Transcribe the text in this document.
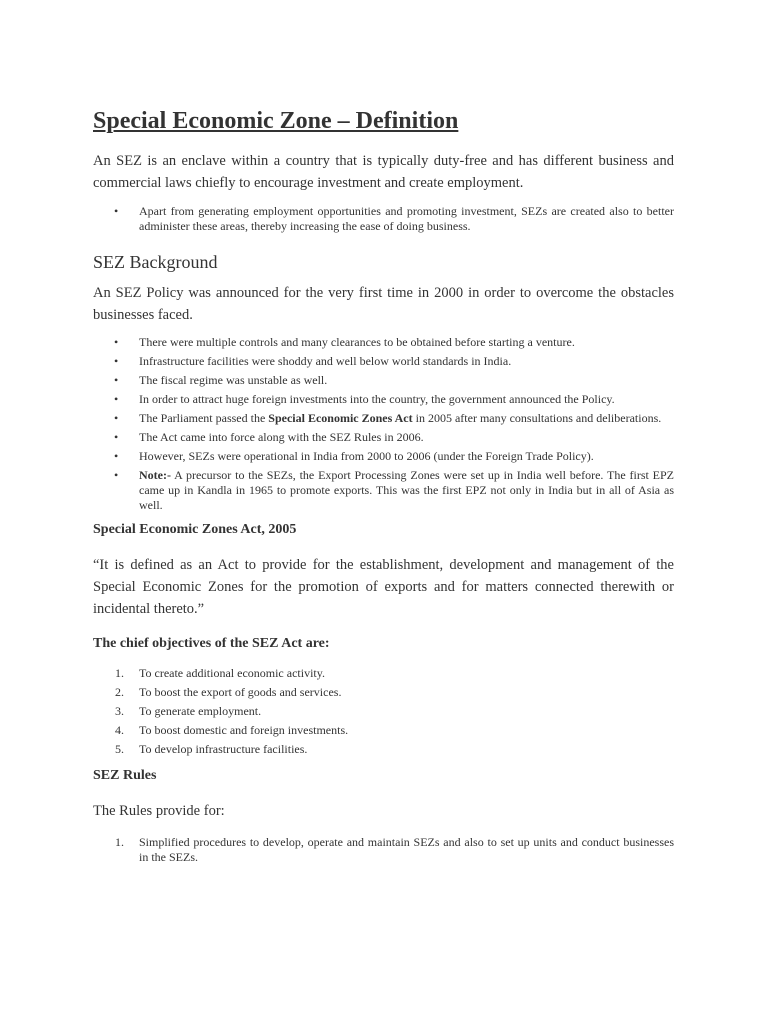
Special Economic Zone – Definition

An SEZ is an enclave within a country that is typically duty-free and has different business and commercial laws chiefly to encourage investment and create employment.

• Apart from generating employment opportunities and promoting investment, SEZs are created also to better administer these areas, thereby increasing the ease of doing business.
SEZ Background

An SEZ Policy was announced for the very first time in 2000 in order to overcome the obstacles businesses faced.

• There were multiple controls and many clearances to be obtained before starting a venture.
• Infrastructure facilities were shoddy and well below world standards in India.
• The fiscal regime was unstable as well.
• In order to attract huge foreign investments into the country, the government announced the Policy.
• The Parliament passed the Special Economic Zones Act in 2005 after many consultations and deliberations.
• The Act came into force along with the SEZ Rules in 2006.
• However, SEZs were operational in India from 2000 to 2006 (under the Foreign Trade Policy).
• Note:- A precursor to the SEZs, the Export Processing Zones were set up in India well before. The first EPZ came up in Kandla in 1965 to promote exports. This was the first EPZ not only in India but in all of Asia as well.
Special Economic Zones Act, 2005

“It is defined as an Act to provide for the establishment, development and management of the Special Economic Zones for the promotion of exports and for matters connected therewith or incidental thereto.”

The chief objectives of the SEZ Act are:
1. To create additional economic activity.
2. To boost the export of goods and services.
3. To generate employment.
4. To boost domestic and foreign investments.
5. To develop infrastructure facilities.
SEZ Rules

The Rules provide for:

1. Simplified procedures to develop, operate and maintain SEZs and also to set up units and conduct businesses in the SEZs.
